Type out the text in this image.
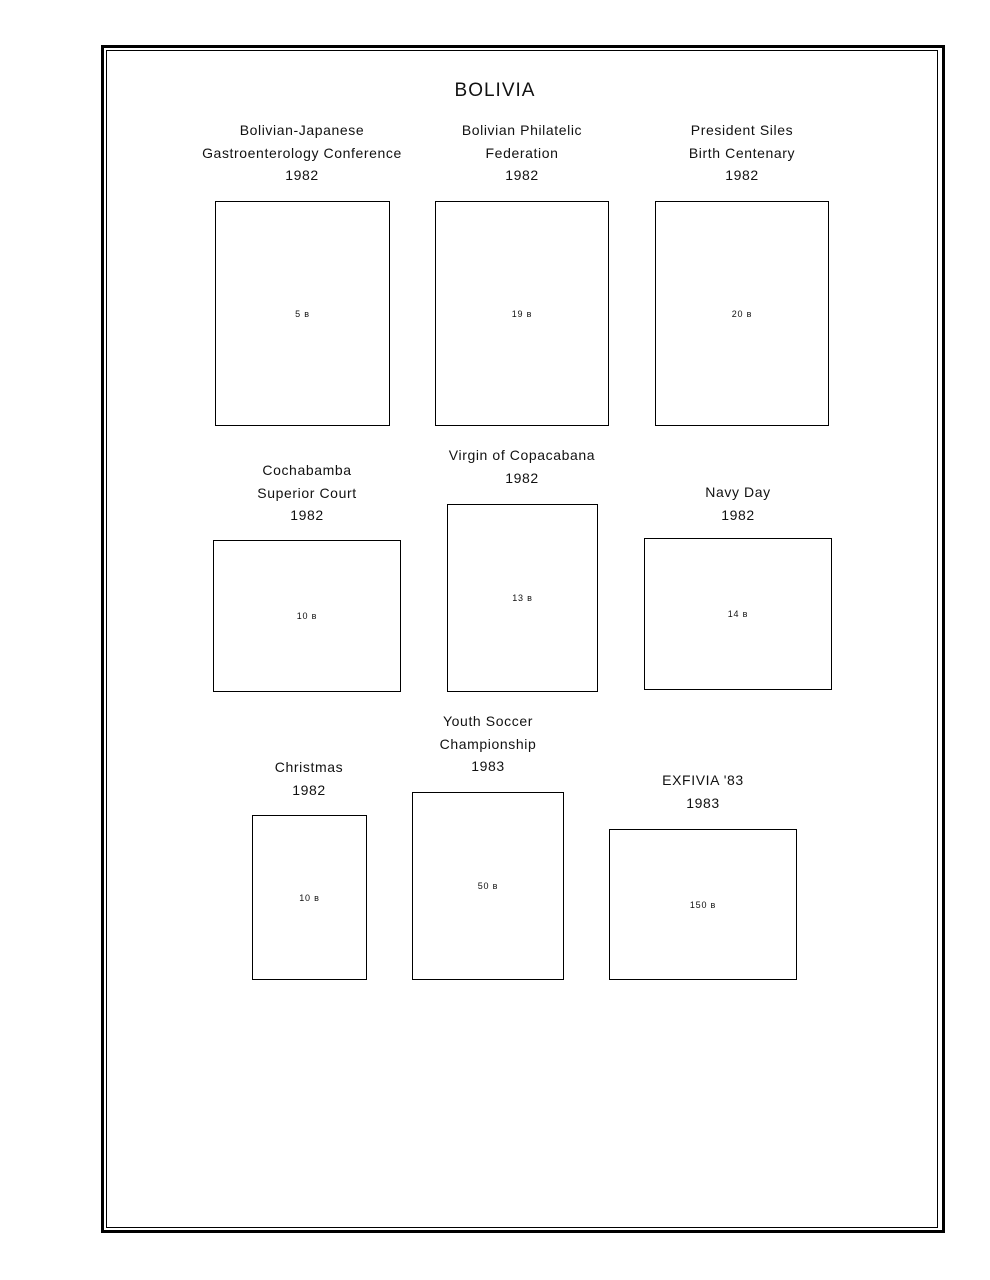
BOLIVIA
Bolivian-Japanese
Gastroenterology Conference
1982
5 в
Bolivian Philatelic
Federation
1982
19 в
President Siles
Birth Centenary
1982
20 в
Cochabamba
Superior Court
1982
10 в
Virgin of Copacabana
1982
13 в
Navy Day
1982
14 в
Christmas
1982
10 в
Youth Soccer
Championship
1983
50 в
EXFIVIA '83
1983
150 в
